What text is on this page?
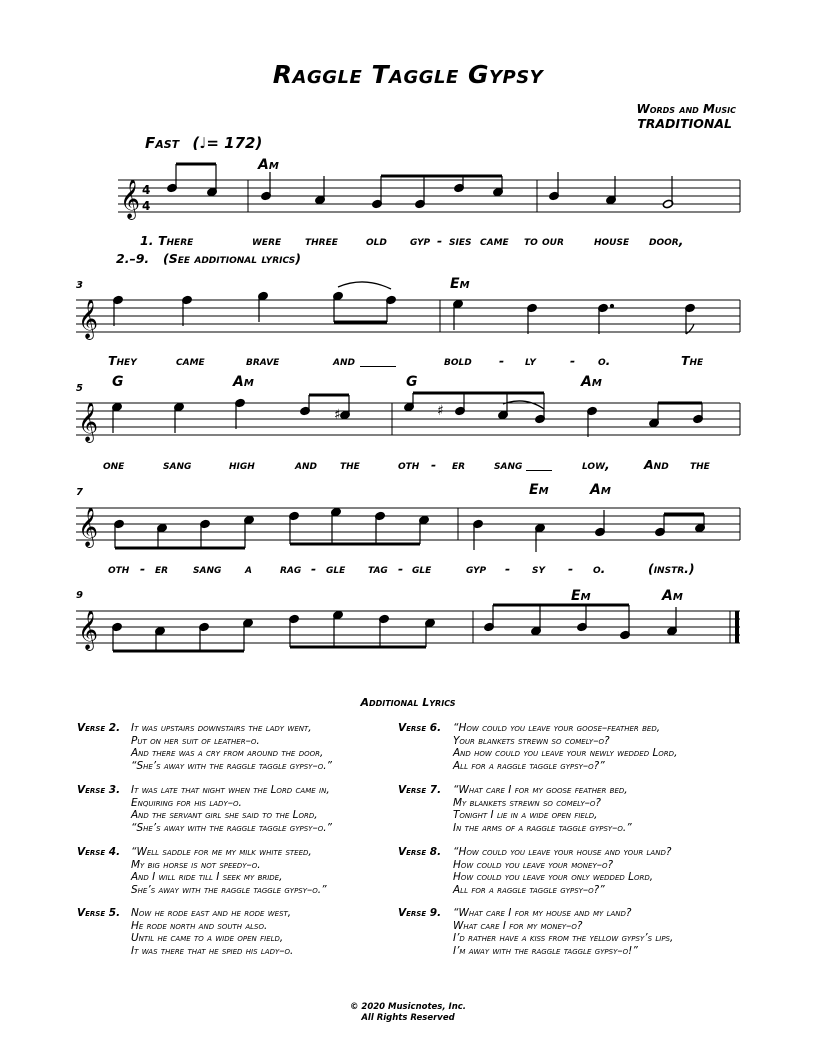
Raggle Taggle Gypsy
Words and Music
TRADITIONAL
Fast (♩= 172)
Am
𝄞 4
4
1. There	were three old gyp - sies came to our house door,
2.–9. (See additional lyrics)
3	Em
𝄞
They	came	brave	and	bold - ly	- o.	The
5 G	Am	G	Am
𝄞	♯	♯
one	sang	high	and the	oth - er sang	low,	And the
7	Em	Am
𝄞
oth - er sang a rag - gle tag - gle	gyp - sy - o.	(instr.)
9	Em	Am
𝄞
Additional Lyrics
Verse 2. It was upstairs downstairs the lady went,
Put on her suit of leather–o.
And there was a cry from around the door,
“She’s away with the raggle taggle gypsy–o.”
Verse 3. It was late that night when the Lord came in,
Enquiring for his lady–o.
And the servant girl she said to the Lord,
“She’s away with the raggle taggle gypsy–o.”
Verse 4. “Well saddle for me my milk white steed,
My big horse is not speedy–o.
And I will ride till I seek my bride,
She’s away with the raggle taggle gypsy–o.”
Verse 5. Now he rode east and he rode west,
He rode north and south also.
Until he came to a wide open field,
It was there that he spied his lady–o.
Verse 6. “How could you leave your goose–feather bed,
Your blankets strewn so comely–o?
And how could you leave your newly wedded Lord,
All for a raggle taggle gypsy–o?”
Verse 7. “What care I for my goose feather bed,
My blankets strewn so comely–o?
Tonight I lie in a wide open field,
In the arms of a raggle taggle gypsy–o.”
Verse 8. “How could you leave your house and your land?
How could you leave your money–o?
How could you leave your only wedded Lord,
All for a raggle taggle gypsy–o?”
Verse 9. “What care I for my house and my land?
What care I for my money–o?
I’d rather have a kiss from the yellow gypsy’s lips,
I’m away with the raggle taggle gypsy–o!”
© 2020 Musicnotes, Inc.
All Rights Reserved
